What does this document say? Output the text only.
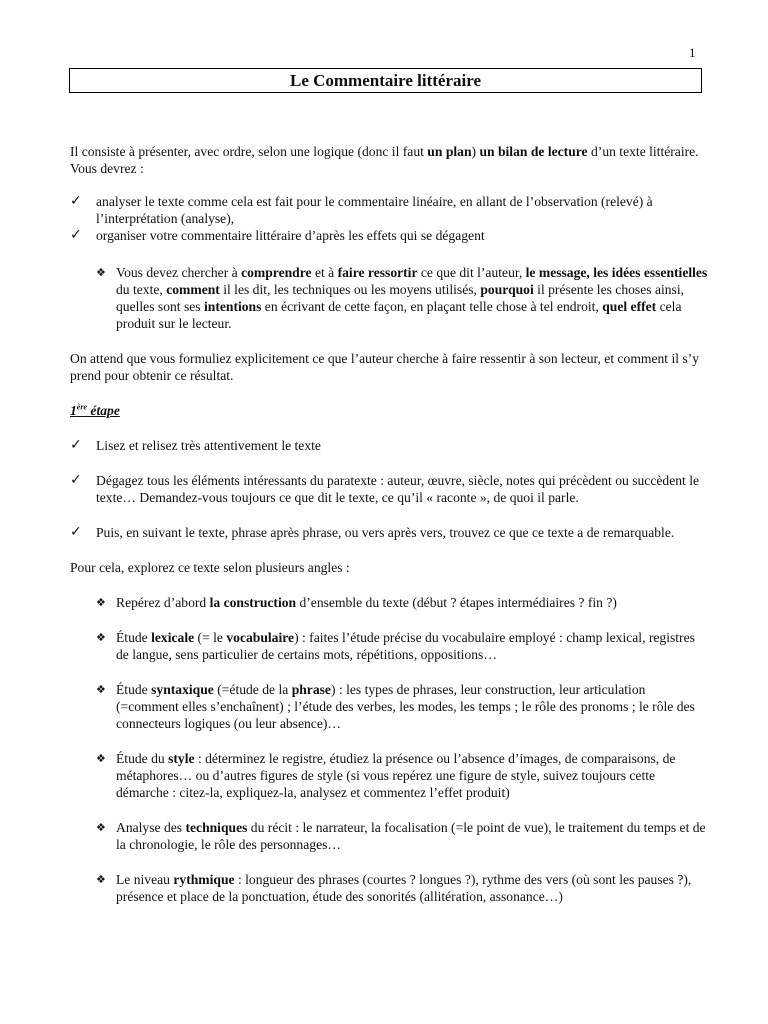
1
Le Commentaire littéraire

Il consiste à présenter, avec ordre, selon une logique (donc il faut un plan) un bilan de lecture d’un texte littéraire. Vous devrez :

✓ analyser le texte comme cela est fait pour le commentaire linéaire, en allant de l’observation (relevé) à l’interprétation (analyse),
✓ organiser votre commentaire littéraire d’après les effets qui se dégagent
❖ Vous devez chercher à comprendre et à faire ressortir ce que dit l’auteur, le message, les idées essentielles du texte, comment il les dit, les techniques ou les moyens utilisés, pourquoi il présente les choses ainsi, quelles sont ses intentions en écrivant de cette façon, en plaçant telle chose à tel endroit, quel effet cela produit sur le lecteur.

On attend que vous formuliez explicitement ce que l’auteur cherche à faire ressentir à son lecteur, et comment il s’y prend pour obtenir ce résultat.

1ère étape

✓ Lisez et relisez très attentivement le texte
✓ Dégagez tous les éléments intéressants du paratexte : auteur, œuvre, siècle, notes qui précèdent ou succèdent le texte… Demandez-vous toujours ce que dit le texte, ce qu’il « raconte », de quoi il parle.
✓ Puis, en suivant le texte, phrase après phrase, ou vers après vers, trouvez ce que ce texte a de remarquable.

Pour cela, explorez ce texte selon plusieurs angles :

❖ Repérez d’abord la construction d’ensemble du texte (début ? étapes intermédiaires ? fin ?)
❖ Étude lexicale (= le vocabulaire) : faites l’étude précise du vocabulaire employé : champ lexical, registres de langue, sens particulier de certains mots, répétitions, oppositions…
❖ Étude syntaxique (=étude de la phrase) : les types de phrases, leur construction, leur articulation (=comment elles s’enchaînent) ; l’étude des verbes, les modes, les temps ; le rôle des pronoms ; le rôle des connecteurs logiques (ou leur absence)…
❖ Étude du style : déterminez le registre, étudiez la présence ou l’absence d’images, de comparaisons, de métaphores… ou d’autres figures de style (si vous repérez une figure de style, suivez toujours cette démarche : citez-la, expliquez-la, analysez et commentez l’effet produit)
❖ Analyse des techniques du récit : le narrateur, la focalisation (=le point de vue), le traitement du temps et de la chronologie, le rôle des personnages…
❖ Le niveau rythmique : longueur des phrases (courtes ? longues ?), rythme des vers (où sont les pauses ?), présence et place de la ponctuation, étude des sonorités (allitération, assonance…)
